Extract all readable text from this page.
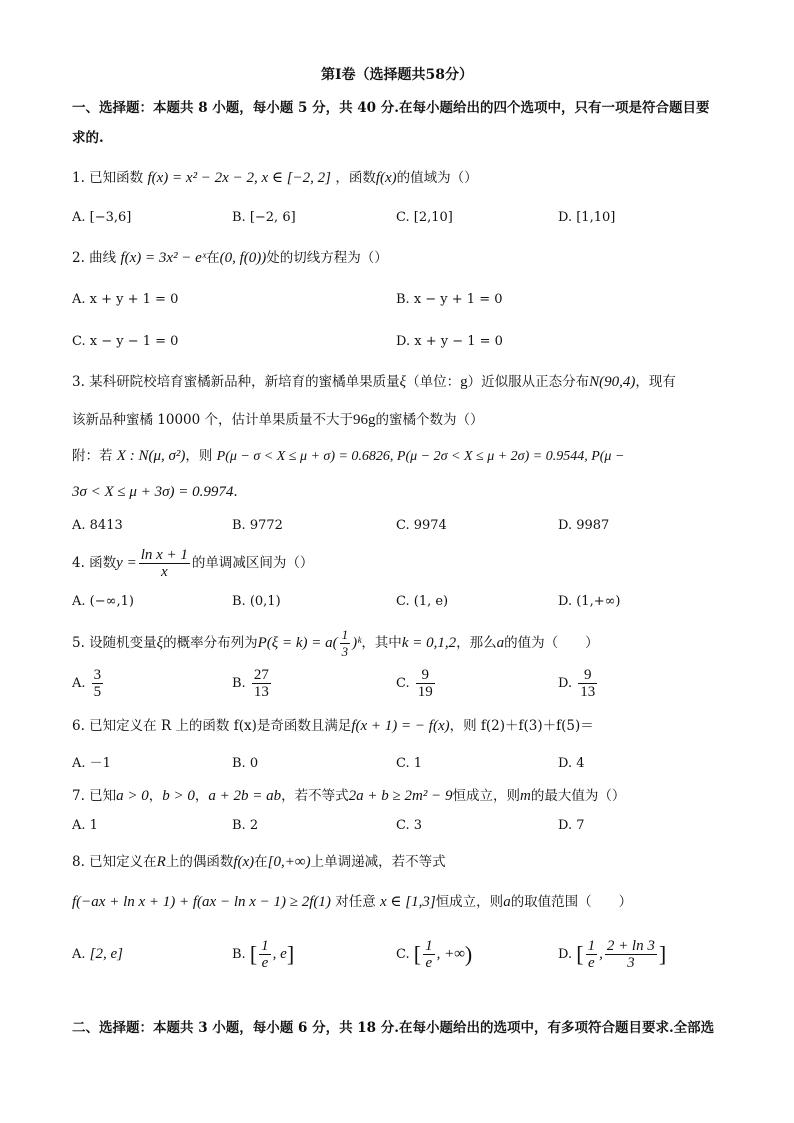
第Ⅰ卷（选择题共58分）
一、选择题：本题共 8 小题，每小题 5 分，共 40 分.在每小题给出的四个选项中，只有一项是符合题目要
求的.
1. 已知函数 f(x) = x² − 2x − 2, x ∈ [−2, 2] ，函数f(x)的值域为（）
A. [−3,6]	B. [−2, 6]	C. [2,10]	D. [1,10]
2. 曲线 f(x) = 3x² − eˣ在(0, f(0))处的切线方程为（）
A. x + y + 1 = 0	B. x − y + 1 = 0
C. x − y − 1 = 0	D. x + y − 1 = 0
3. 某科研院校培育蜜橘新品种，新培育的蜜橘单果质量ξ（单位：g）近似服从正态分布N(90,4)，现有
该新品种蜜橘 10000 个，估计单果质量不大于96g的蜜橘个数为（）
附：若 X : N(μ, σ²)，则 P(μ − σ < X ≤ μ + σ) = 0.6826, P(μ − 2σ < X ≤ μ + 2σ) = 0.9544, P(μ −
3σ < X ≤ μ + 3σ) = 0.9974.
A. 8413	B. 9772	C. 9974	D. 9987
4. 函数$y = \frac{\text{ln x + 1}}{x}$ 的单调减区间为（）
A. (−∞,1)	B. (0,1)	C. (1, e)	D. (1,+∞)
5. 设随机变量ξ的概率分布列为$P(\xi = k) = a( \frac{1}{3}$ )ᵏ，其中k = 0,1,2，那么a的值为（　　）
A. $\frac{3}{5}$	B. $\frac{27}{13}$	C. $\frac{9}{19}$	D. $\frac{9}{13}$
6. 已知定义在 R 上的函数 f(x)是奇函数且满足f(x + 1) = − f(x)，则 f(2)＋f(3)＋f(5)＝
A. －1	B. 0	C. 1	D. 4
7. 已知a > 0，b > 0，a + 2b = ab，若不等式2a + b ≥ 2m² − 9恒成立，则m的最大值为（）
A. 1	B. 2	C. 3	D. 7
8. 已知定义在R上的偶函数f(x)在[0,+∞)上单调递减，若不等式
f(−ax + ln x + 1) + f(ax − ln x − 1) ≥ 2f(1) 对任意 x ∈ [1,3]恒成立，则a的取值范围（　　）
A. [2, e]	B. [ $\frac{1}{e}$ , e]	C. [ $\frac{1}{e}$ , +∞)	D. [ $\frac{1}{e}$ , $\frac{2 + \ln 3}{3}$ ]
二、选择题：本题共 3 小题，每小题 6 分，共 18 分.在每小题给出的选项中，有多项符合题目要求.全部选
